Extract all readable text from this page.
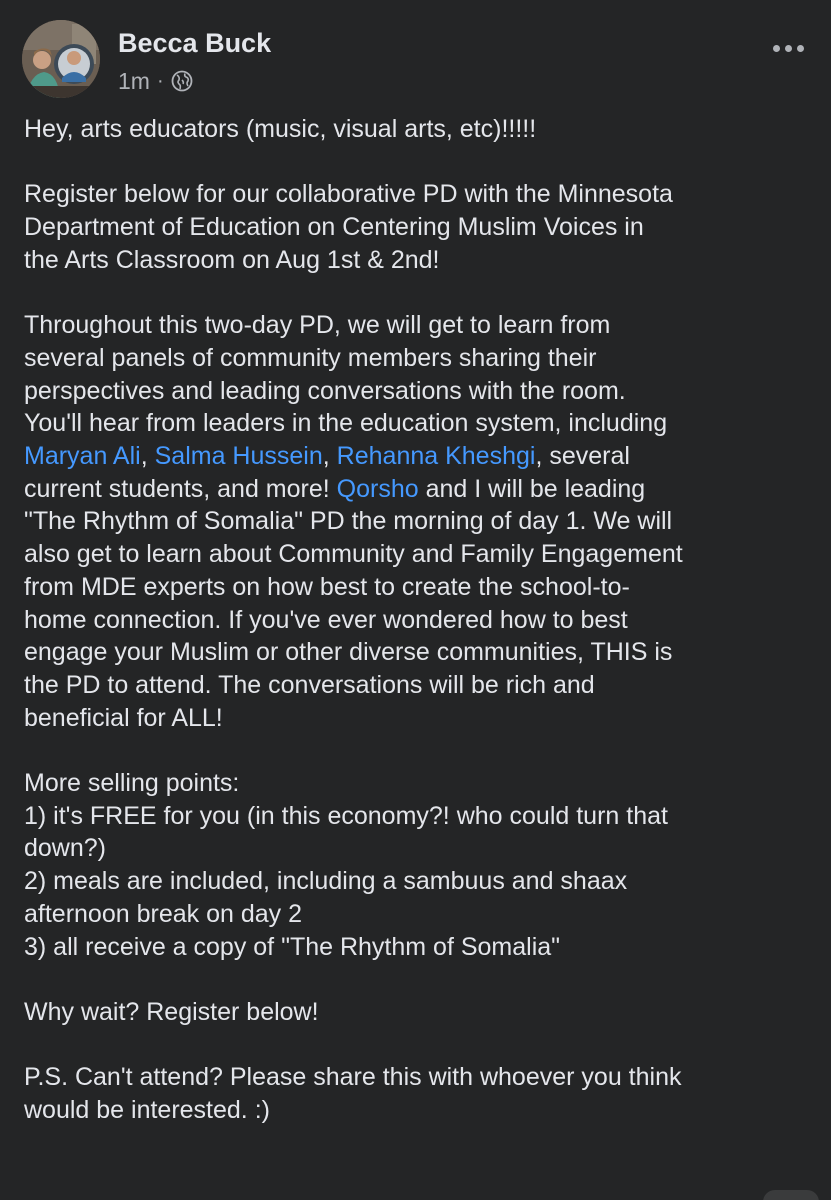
Becca Buck
1m ·

Hey, arts educators (music, visual arts, etc)!!!!!

Register below for our collaborative PD with the Minnesota
Department of Education on Centering Muslim Voices in
the Arts Classroom on Aug 1st & 2nd!

Throughout this two-day PD, we will get to learn from
several panels of community members sharing their
perspectives and leading conversations with the room.
You'll hear from leaders in the education system, including
Maryan Ali, Salma Hussein, Rehanna Kheshgi, several
current students, and more! Qorsho and I will be leading
"The Rhythm of Somalia" PD the morning of day 1. We will
also get to learn about Community and Family Engagement
from MDE experts on how best to create the school-to-
home connection. If you've ever wondered how to best
engage your Muslim or other diverse communities, THIS is
the PD to attend. The conversations will be rich and
beneficial for ALL!

More selling points:
1) it's FREE for you (in this economy?! who could turn that
down?)
2) meals are included, including a sambuus and shaax
afternoon break on day 2
3) all receive a copy of "The Rhythm of Somalia"

Why wait? Register below!

P.S. Can't attend? Please share this with whoever you think
would be interested. :)
